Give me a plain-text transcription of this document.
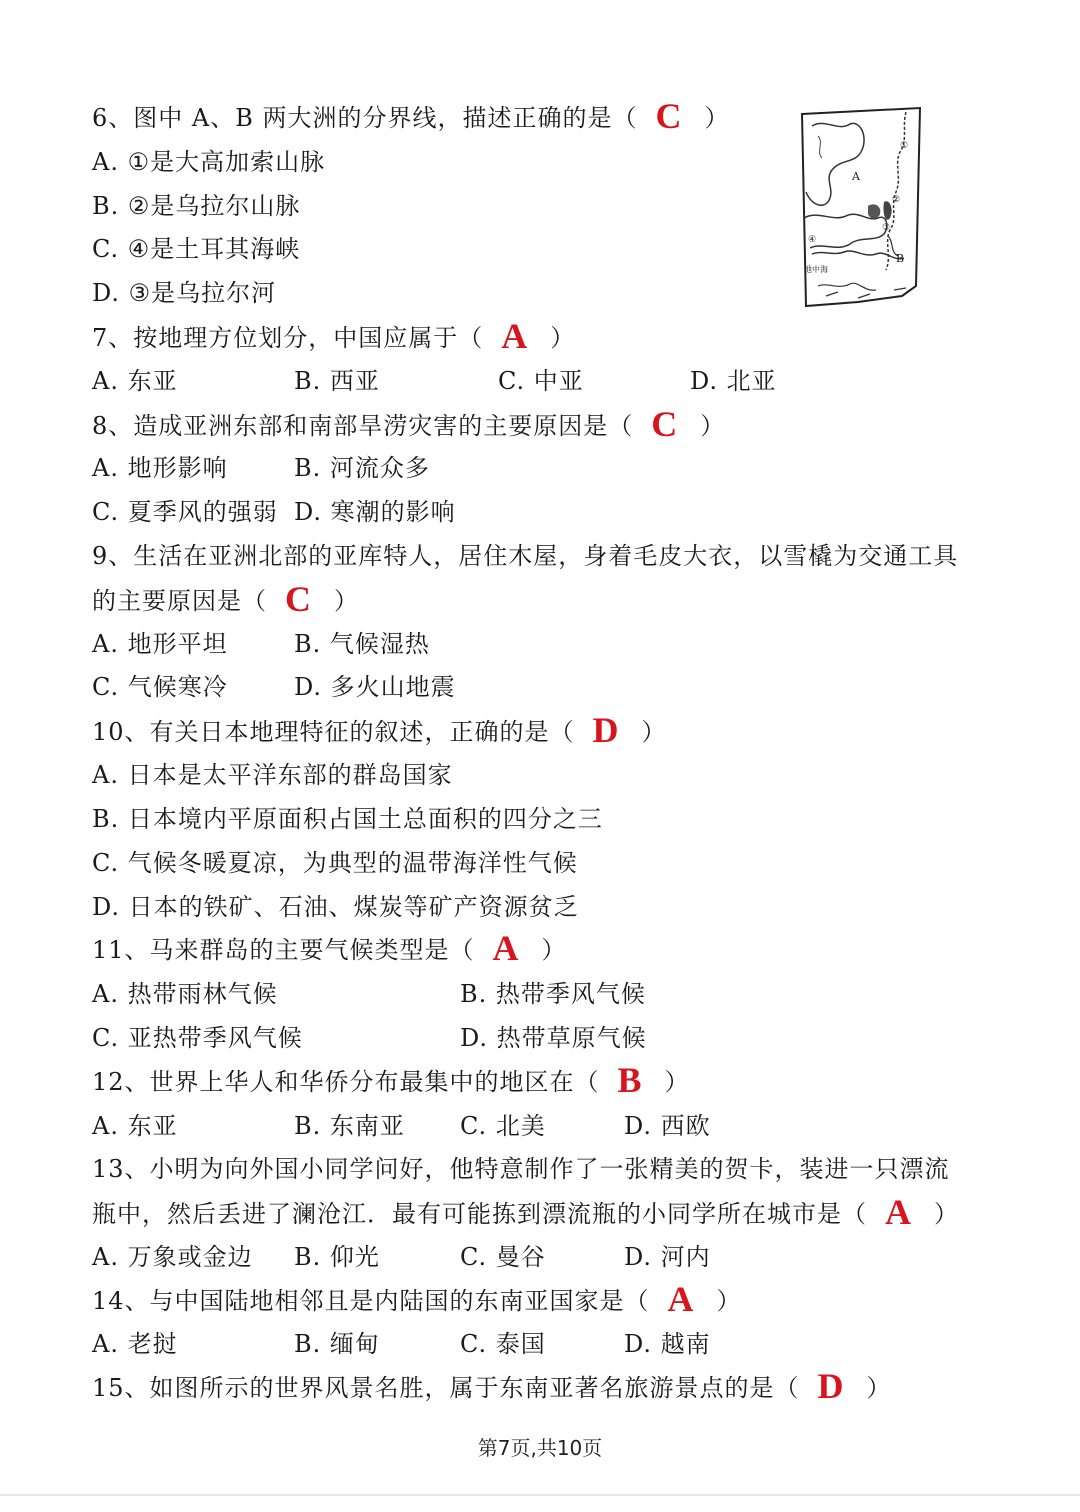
6、图中 A、B 两大洲的分界线，描述正确的是（ C ）
A. ①是大高加索山脉
B. ②是乌拉尔山脉
C. ④是土耳其海峡
D. ③是乌拉尔河
A
B
地中海
①
②
③
④
7、按地理方位划分，中国应属于（ A ）
A. 东亚	B. 西亚	C. 中亚	D. 北亚
8、造成亚洲东部和南部旱涝灾害的主要原因是（ C ）
A. 地形影响	B. 河流众多
C. 夏季风的强弱 D. 寒潮的影响
9、生活在亚洲北部的亚库特人，居住木屋，身着毛皮大衣，以雪橇为交通工具
的主要原因是（ C ）
A. 地形平坦	B. 气候湿热
C. 气候寒冷	D. 多火山地震
10、有关日本地理特征的叙述，正确的是（ D ）
A. 日本是太平洋东部的群岛国家
B. 日本境内平原面积占国土总面积的四分之三
C. 气候冬暖夏凉，为典型的温带海洋性气候
D. 日本的铁矿、石油、煤炭等矿产资源贫乏
11、马来群岛的主要气候类型是（ A ）
A. 热带雨林气候	B. 热带季风气候
C. 亚热带季风气候	D. 热带草原气候
12、世界上华人和华侨分布最集中的地区在（ B ）
A. 东亚	B. 东南亚 C. 北美	D. 西欧
13、小明为向外国小同学问好，他特意制作了一张精美的贺卡，装进一只漂流
瓶中，然后丢进了澜沧江．最有可能拣到漂流瓶的小同学所在城市是（ A ）
A. 万象或金边 B. 仰光	C. 曼谷	D. 河内
14、与中国陆地相邻且是内陆国的东南亚国家是（ A ）
A. 老挝	B. 缅甸	C. 泰国	D. 越南
15、如图所示的世界风景名胜，属于东南亚著名旅游景点的是（ D ）
第7页,共10页
